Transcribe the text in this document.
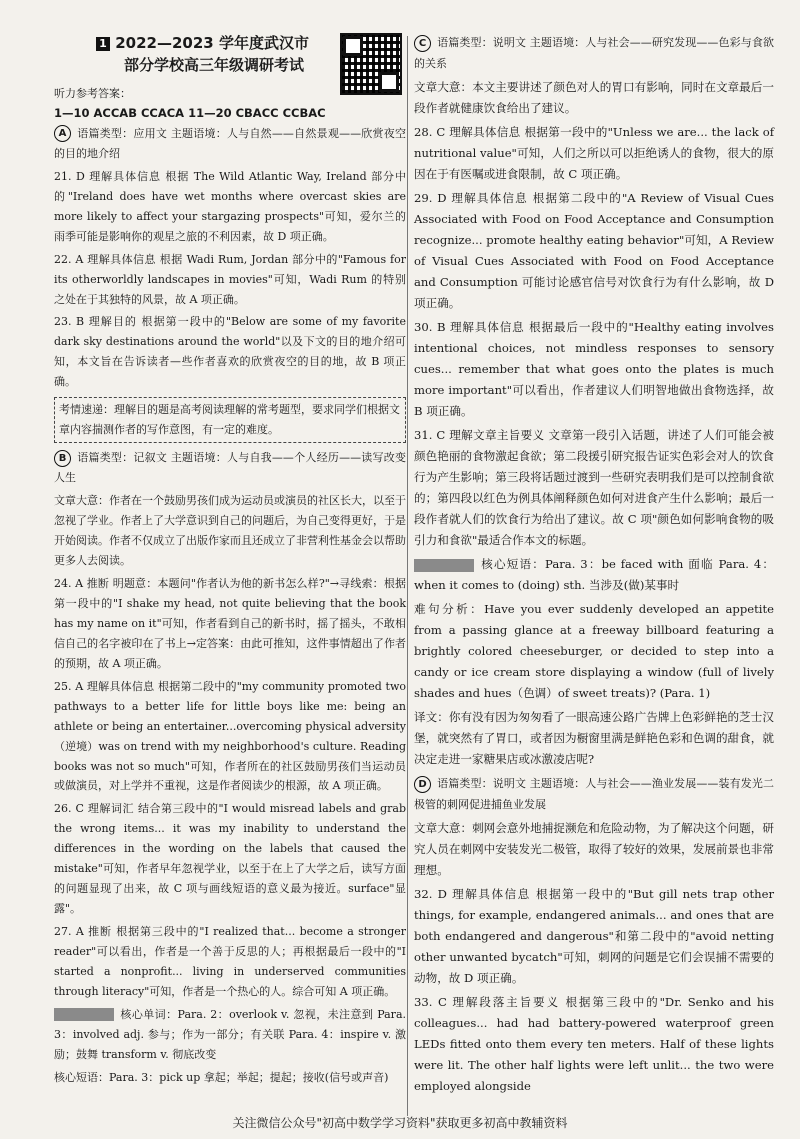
1 2022—2023 学年度武汉市
部分学校高三年级调研考试

听力参考答案：

1—10 ACCAB CCACA 11—20 CBACC CCBAC

A 语篇类型：应用文 主题语境：人与自然——自然景观——欣赏夜空的目的地介绍

21. D 理解具体信息 根据 The Wild Atlantic Way, Ireland 部分中的"Ireland does have wet months where overcast skies are more likely to affect your stargazing prospects"可知，爱尔兰的雨季可能是影响你的观星之旅的不利因素，故 D 项正确。

22. A 理解具体信息 根据 Wadi Rum, Jordan 部分中的"Famous for its otherworldly landscapes in movies"可知，Wadi Rum 的特别之处在于其独特的风景，故 A 项正确。

23. B 理解目的 根据第一段中的"Below are some of my favorite dark sky destinations around the world"以及下文的目的地介绍可知，本文旨在告诉读者—些作者喜欢的欣赏夜空的目的地，故 B 项正确。

考情速递：理解目的题是高考阅读理解的常考题型，要求同学们根据文章内容揣测作者的写作意图，有一定的难度。

B 语篇类型：记叙文 主题语境：人与自我——个人经历——读写改变人生

文章大意：作者在一个鼓励男孩们成为运动员或演员的社区长大，以至于忽视了学业。作者上了大学意识到自己的问题后，为自己变得更好，于是开始阅读。作者不仅成立了出版作家而且还成立了非营利性基金会以帮助更多人去阅读。

24. A 推断 明题意：本题问"作者认为他的新书怎么样?"→寻线索：根据第一段中的"I shake my head, not quite believing that the book has my name on it"可知，作者看到自己的新书时，摇了摇头，不敢相信自己的名字被印在了书上→定答案：由此可推知，这件事情超出了作者的预期，故 A 项正确。

25. A 理解具体信息 根据第二段中的"my community promoted two pathways to a better life for little boys like me: being an athlete or being an entertainer...overcoming physical adversity（逆境）was on trend with my neighborhood's culture. Reading books was not so much"可知，作者所在的社区鼓励男孩们当运动员或做演员，对上学并不重视，这是作者阅读少的根源，故 A 项正确。

26. C 理解词汇 结合第三段中的"I would misread labels and grab the wrong items... it was my inability to understand the differences in the wording on the labels that caused the mistake"可知，作者早年忽视学业，以至于在上了大学之后，读写方面的问题显现了出来，故 C 项与画线短语的意义最为接近。surface"显露"。

27. A 推断 根据第三段中的"I realized that... become a stronger reader"可以看出，作者是一个善于反思的人；再根据最后一段中的"I started a nonprofit... living in underserved communities through literacy"可知，作者是一个热心的人。综合可知 A 项正确。

核心单词：Para. 2：overlook v. 忽视，未注意到 Para. 3：involved adj. 参与；作为一部分；有关联 Para. 4：inspire v. 激励；鼓舞 transform v. 彻底改变

核心短语：Para. 3：pick up 拿起；举起；提起；接收(信号或声音)

C 语篇类型：说明文 主题语境：人与社会——研究发现——色彩与食欲的关系

文章大意：本文主要讲述了颜色对人的胃口有影响，同时在文章最后一段作者就健康饮食给出了建议。

28. C 理解具体信息 根据第一段中的"Unless we are... the lack of nutritional value"可知，人们之所以可以拒绝诱人的食物，很大的原因在于有医嘱或进食限制，故 C 项正确。

29. D 理解具体信息 根据第二段中的"A Review of Visual Cues Associated with Food on Food Acceptance and Consumption recognize... promote healthy eating behavior"可知，A Review of Visual Cues Associated with Food on Food Acceptance and Consumption 可能讨论感官信号对饮食行为有什么影响，故 D 项正确。

30. B 理解具体信息 根据最后一段中的"Healthy eating involves intentional choices, not mindless responses to sensory cues... remember that what goes onto the plates is much more important"可以看出，作者建议人们明智地做出食物选择，故 B 项正确。

31. C 理解文章主旨要义 文章第一段引入话题，讲述了人们可能会被颜色艳丽的食物激起食欲；第二段援引研究报告证实色彩会对人的饮食行为产生影响；第三段将话题过渡到一些研究表明我们是可以控制食欲的；第四段以红色为例具体阐释颜色如何对进食产生什么影响；最后一段作者就人们的饮食行为给出了建议。故 C 项"颜色如何影响食物的吸引力和食欲"最适合作本文的标题。

核心短语：Para. 3：be faced with 面临 Para. 4：when it comes to (doing) sth. 当涉及(做)某事时

难句分析：Have you ever suddenly developed an appetite from a passing glance at a freeway billboard featuring a brightly colored cheeseburger, or decided to step into a candy or ice cream store displaying a window (full of lively shades and hues（色调）of sweet treats)? (Para. 1)

译文：你有没有因为匆匆看了一眼高速公路广告牌上色彩鲜艳的芝士汉堡，就突然有了胃口，或者因为橱窗里满是鲜艳色彩和色调的甜食，就决定走进一家糖果店或冰激凌店呢?

D 语篇类型：说明文 主题语境：人与社会——渔业发展——装有发光二极管的刺网促进捕鱼业发展

文章大意：刺网会意外地捕捉濒危和危险动物，为了解决这个问题，研究人员在刺网中安装发光二极管，取得了较好的效果，发展前景也非常理想。

32. D 理解具体信息 根据第一段中的"But gill nets trap other things, for example, endangered animals... and ones that are both endangered and dangerous"和第二段中的"avoid netting other unwanted bycatch"可知，刺网的问题是它们会误捕不需要的动物，故 D 项正确。

33. C 理解段落主旨要义 根据第三段中的"Dr. Senko and his colleagues... had had battery-powered waterproof green LEDs fitted onto them every ten meters. Half of these lights were lit. The other half lights were left unlit... the two were employed alongside

关注微信公众号"初高中数学学习资料"获取更多初高中教辅资料
